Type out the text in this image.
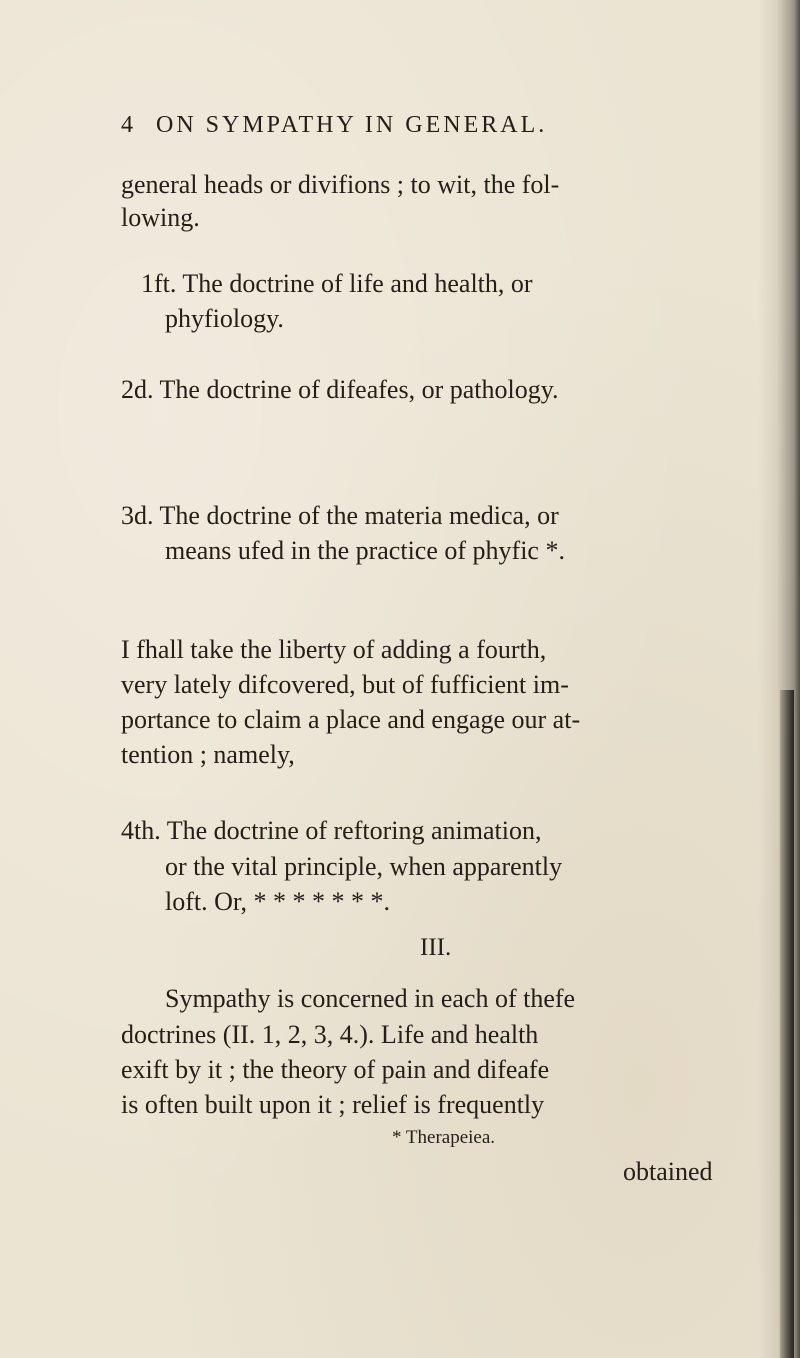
4 ON SYMPATHY IN GENERAL.
general heads or divifions ; to wit, the fol-
lowing.
1ft. The doctrine of life and health, or
phyfiology.
2d. The doctrine of difeafes, or pathology.
3d. The doctrine of the materia medica, or
means ufed in the practice of phyfic *.
I fhall take the liberty of adding a fourth,
very lately difcovered, but of fufficient im-
portance to claim a place and engage our at-
tention ; namely,
4th. The doctrine of reftoring animation,
or the vital principle, when apparently
loft. Or, * * * * * * *.
III.
Sympathy is concerned in each of thefe
doctrines (II. 1, 2, 3, 4.). Life and health
exift by it ; the theory of pain and difeafe
is often built upon it ; relief is frequently
* Therapeiea.
obtained
